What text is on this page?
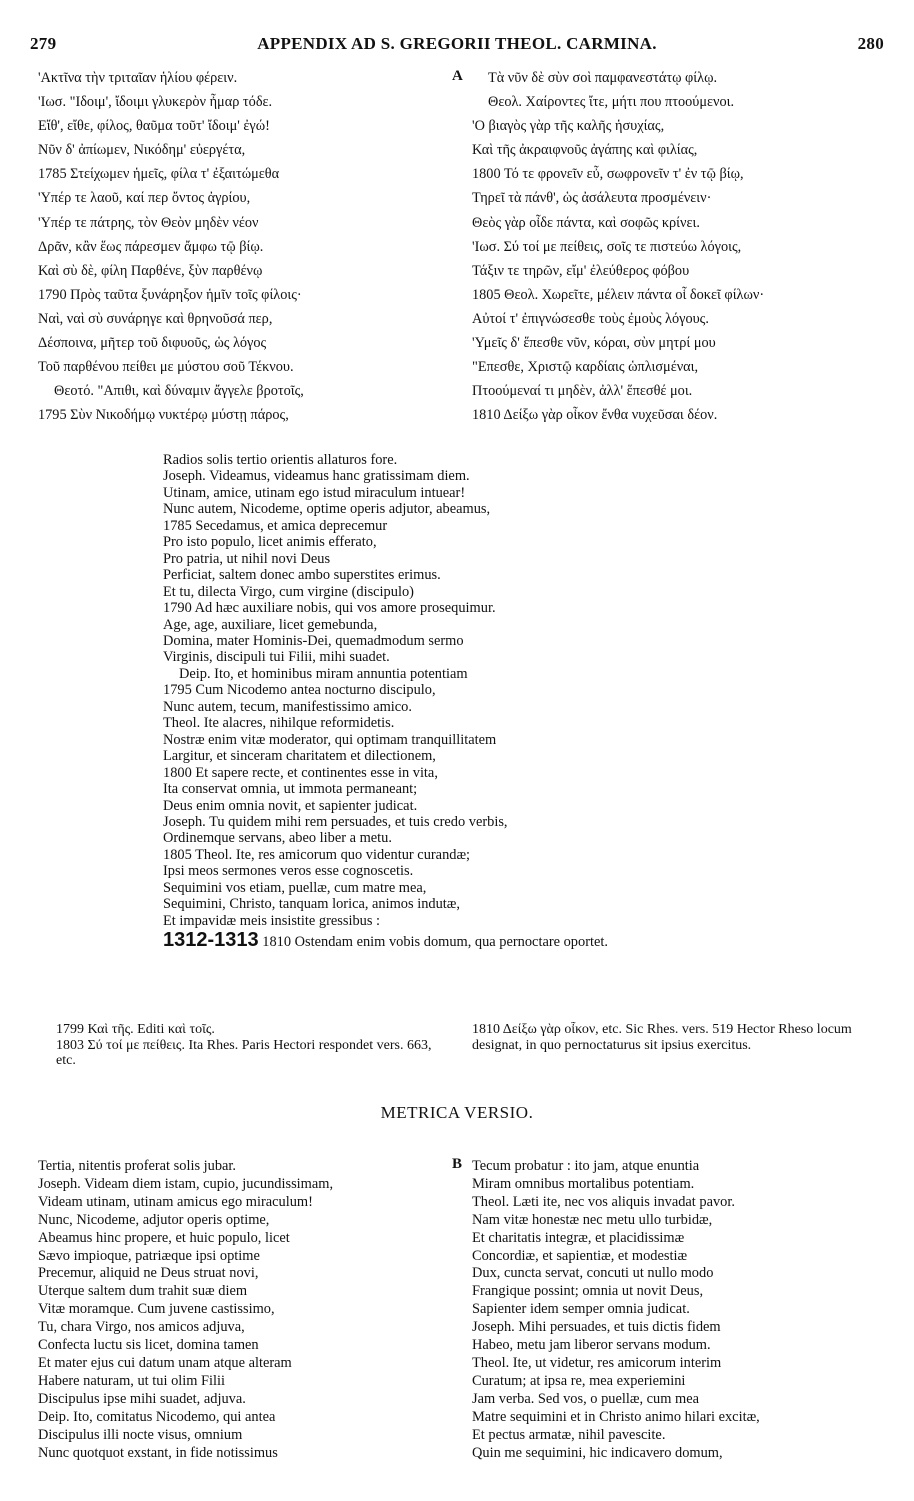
279	APPENDIX AD S. GREGORII THEOL. CARMINA.	280
A
B
'Ακτῖνα τὴν τριταῖαν ἡλίου φέρειν.
'Ιωσ. "Ιδοιμ', ἴδοιμι γλυκερὸν ἦμαρ τόδε.
Εἴθ', εἴθε, φίλος, θαῦμα τοῦτ' ἴδοιμ' ἐγώ!
Νῦν δ' ἀπίωμεν, Νικόδημ' εὐεργέτα,
1785 Στείχωμεν ἡμεῖς, φίλα τ' ἐξαιτώμεθα
'Υπέρ τε λαοῦ, καί περ ὄντος ἀγρίου,
'Υπέρ τε πάτρης, τὸν Θεὸν μηδὲν νέον
Δρᾶν, κἂν ἕως πάρεσμεν ἄμφω τῷ βίῳ.
Καὶ σὺ δὲ, φίλη Παρθένε, ξὺν παρθένῳ
1790 Πρὸς ταῦτα ξυνάρηξον ἡμῖν τοῖς φίλοις·
Ναὶ, ναὶ σὺ συνάρηγε καὶ θρηνοῦσά περ,
Δέσποινα, μῆτερ τοῦ διφυοῦς, ὡς λόγος
Τοῦ παρθένου πείθει με μύστου σοῦ Τέκνου.
Θεοτό. "Απιθι, καὶ δύναμιν ἄγγελε βροτοῖς,
1795 Σὺν Νικοδήμῳ νυκτέρῳ μύστῃ πάρος,
Τὰ νῦν δὲ σὺν σοὶ παμφανεστάτῳ φίλῳ.
Θεολ. Χαίροντες ἴτε, μήτι που πτοούμενοι.
'Ο βιαγὸς γὰρ τῆς καλῆς ἡσυχίας,
Καὶ τῆς ἀκραιφνοῦς ἀγάπης καὶ φιλίας,
1800 Τό τε φρονεῖν εὖ, σωφρονεῖν τ' ἐν τῷ βίῳ,
Τηρεῖ τὰ πάνθ', ὡς ἀσάλευτα προσμένειν·
Θεὸς γὰρ οἶδε πάντα, καὶ σοφῶς κρίνει.
'Ιωσ. Σύ τοί με πείθεις, σοῖς τε πιστεύω λόγοις,
Τάξιν τε τηρῶν, εἴμ' ἐλεύθερος φόβου
1805 Θεολ. Χωρεῖτε, μέλειν πάντα οἷ δοκεῖ φίλων·
Αὐτοί τ' ἐπιγνώσεσθε τοὺς ἐμοὺς λόγους.
'Υμεῖς δ' ἕπεσθε νῦν, κόραι, σὺν μητρί μου
"Επεσθε, Χριστῷ καρδίαις ὡπλισμέναι,
Πτοούμεναί τι μηδὲν, ἀλλ' ἕπεσθέ μοι.
1810 Δείξω γὰρ οἶκον ἔνθα νυχεῦσαι δέον.
Radios solis tertio orientis allaturos fore.
Joseph. Videamus, videamus hanc gratissimam diem.
Utinam, amice, utinam ego istud miraculum intuear!
Nunc autem, Nicodeme, optime operis adjutor, abeamus,
1785 Secedamus, et amica deprecemur
Pro isto populo, licet animis efferato,
Pro patria, ut nihil novi Deus
Perficiat, saltem donec ambo superstites erimus.
Et tu, dilecta Virgo, cum virgine (discipulo)
1790 Ad hæc auxiliare nobis, qui vos amore prosequimur.
Age, age, auxiliare, licet gemebunda,
Domina, mater Hominis-Dei, quemadmodum sermo
Virginis, discipuli tui Filii, mihi suadet.
Deip. Ito, et hominibus miram annuntia potentiam
1795 Cum Nicodemo antea nocturno discipulo,
Nunc autem, tecum, manifestissimo amico.
Theol. Ite alacres, nihilque reformidetis.
Nostræ enim vitæ moderator, qui optimam tranquillitatem
Largitur, et sinceram charitatem et dilectionem,
1800 Et sapere recte, et continentes esse in vita,
Ita conservat omnia, ut immota permaneant;
Deus enim omnia novit, et sapienter judicat.
Joseph. Tu quidem mihi rem persuades, et tuis credo verbis,
Ordinemque servans, abeo liber a metu.
1805 Theol. Ite, res amicorum quo videntur curandæ;
Ipsi meos sermones veros esse cognoscetis.
Sequimini vos etiam, puellæ, cum matre mea,
Sequimini, Christo, tanquam lorica, animos indutæ,
Et impavidæ meis insistite gressibus :
1312-1313 1810 Ostendam enim vobis domum, qua pernoctare oportet.
1799 Καὶ τῆς. Editi καὶ τοῖς.
1803 Σύ τοί με πείθεις. Ita Rhes. Paris Hectori respondet vers. 663, etc.
1810 Δείξω γὰρ οἶκον, etc. Sic Rhes. vers. 519 Hector Rheso locum designat, in quo pernoctaturus sit ipsius exercitus.
METRICA VERSIO.
Tertia, nitentis proferat solis jubar.
Joseph. Videam diem istam, cupio, jucundissimam,
Videam utinam, utinam amicus ego miraculum!
Nunc, Nicodeme, adjutor operis optime,
Abeamus hinc propere, et huic populo, licet
Sævo impioque, patriæque ipsi optime
Precemur, aliquid ne Deus struat novi,
Uterque saltem dum trahit suæ diem
Vitæ moramque. Cum juvene castissimo,
Tu, chara Virgo, nos amicos adjuva,
Confecta luctu sis licet, domina tamen
Et mater ejus cui datum unam atque alteram
Habere naturam, ut tui olim Filii
Discipulus ipse mihi suadet, adjuva.
Deip. Ito, comitatus Nicodemo, qui antea
Discipulus illi nocte visus, omnium
Nunc quotquot exstant, in fide notissimus
Tecum probatur : ito jam, atque enuntia
Miram omnibus mortalibus potentiam.
Theol. Læti ite, nec vos aliquis invadat pavor.
Nam vitæ honestæ nec metu ullo turbidæ,
Et charitatis integræ, et placidissimæ
Concordiæ, et sapientiæ, et modestiæ
Dux, cuncta servat, concuti ut nullo modo
Frangique possint; omnia ut novit Deus,
Sapienter idem semper omnia judicat.
Joseph. Mihi persuades, et tuis dictis fidem
Habeo, metu jam liberor servans modum.
Theol. Ite, ut videtur, res amicorum interim
Curatum; at ipsa re, mea experiemini
Jam verba. Sed vos, o puellæ, cum mea
Matre sequimini et in Christo animo hilari excitæ,
Et pectus armatæ, nihil pavescite.
Quin me sequimini, hic indicavero domum,
